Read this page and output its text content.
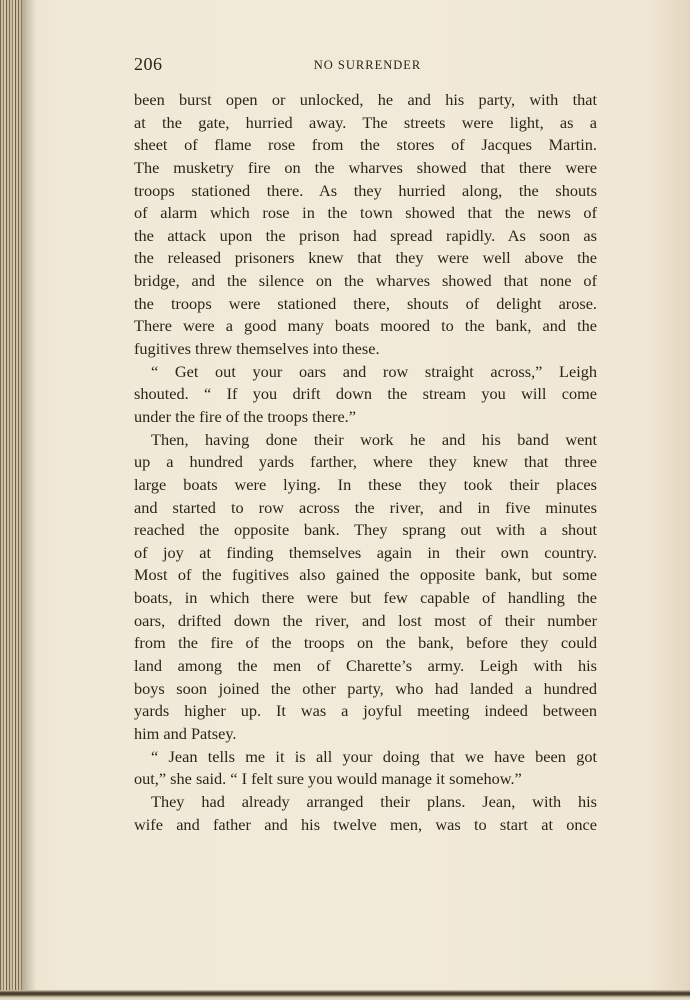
206	NO SURRENDER
been burst open or unlocked, he and his party, with that
at the gate, hurried away. The streets were light, as a
sheet of flame rose from the stores of Jacques Martin.
The musketry fire on the wharves showed that there were
troops stationed there. As they hurried along, the shouts
of alarm which rose in the town showed that the news of
the attack upon the prison had spread rapidly. As soon as
the released prisoners knew that they were well above the
bridge, and the silence on the wharves showed that none of
the troops were stationed there, shouts of delight arose.
There were a good many boats moored to the bank, and the
fugitives threw themselves into these.
“ Get out your oars and row straight across,” Leigh
shouted. “ If you drift down the stream you will come
under the fire of the troops there.”
Then, having done their work he and his band went
up a hundred yards farther, where they knew that three
large boats were lying. In these they took their places
and started to row across the river, and in five minutes
reached the opposite bank. They sprang out with a shout
of joy at finding themselves again in their own country.
Most of the fugitives also gained the opposite bank, but some
boats, in which there were but few capable of handling the
oars, drifted down the river, and lost most of their number
from the fire of the troops on the bank, before they could
land among the men of Charette’s army. Leigh with his
boys soon joined the other party, who had landed a hundred
yards higher up. It was a joyful meeting indeed between
him and Patsey.
“ Jean tells me it is all your doing that we have been got
out,” she said. “ I felt sure you would manage it somehow.”
They had already arranged their plans. Jean, with his
wife and father and his twelve men, was to start at once
